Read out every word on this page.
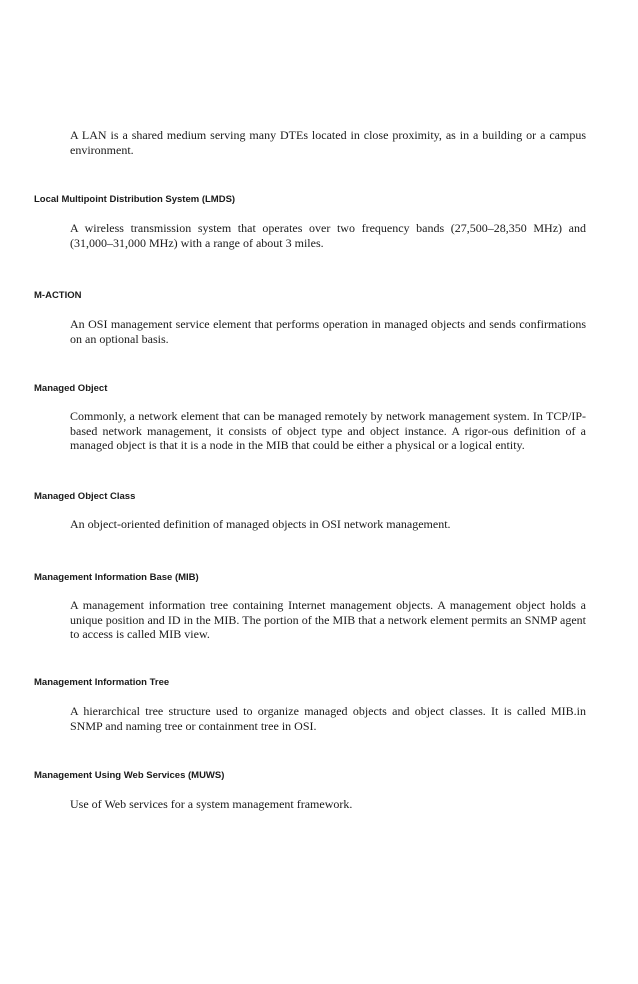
A LAN is a shared medium serving many DTEs located in close proximity, as in a building or a campus environment.

Local Multipoint Distribution System (LMDS)

A wireless transmission system that operates over two frequency bands (27,500–28,350 MHz) and (31,000–31,000 MHz) with a range of about 3 miles.

M-ACTION

An OSI management service element that performs operation in managed objects and sends confirmations on an optional basis.

Managed Object

Commonly, a network element that can be managed remotely by network management system. In TCP/IP-based network management, it consists of object type and object instance. A rigor-ous definition of a managed object is that it is a node in the MIB that could be either a physical or a logical entity.

Managed Object Class

An object-oriented definition of managed objects in OSI network management.

Management Information Base (MIB)

A management information tree containing Internet management objects. A management object holds a unique position and ID in the MIB. The portion of the MIB that a network element permits an SNMP agent to access is called MIB view.

Management Information Tree

A hierarchical tree structure used to organize managed objects and object classes. It is called MIB.in SNMP and naming tree or containment tree in OSI.

Management Using Web Services (MUWS)

Use of Web services for a system management framework.
